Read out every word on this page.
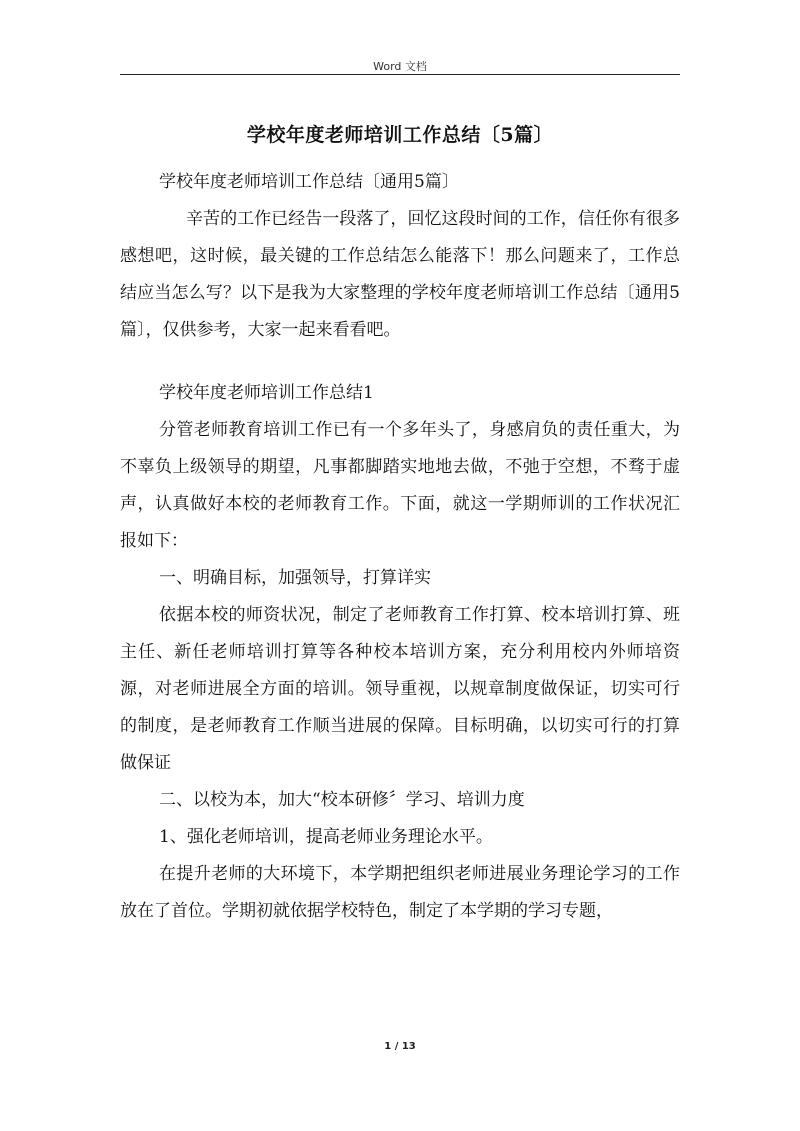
Word 文档
学校年度老师培训工作总结〔5篇〕

学校年度老师培训工作总结〔通用5篇〕

辛苦的工作已经告一段落了，回忆这段时间的工作，信任你有很多感想吧，这时候，最关键的工作总结怎么能落下！那么问题来了，工作总结应当怎么写？以下是我为大家整理的学校年度老师培训工作总结〔通用5篇〕，仅供参考，大家一起来看看吧。

学校年度老师培训工作总结1

分管老师教育培训工作已有一个多年头了，身感肩负的责任重大，为不辜负上级领导的期望，凡事都脚踏实地地去做，不弛于空想，不骛于虚声，认真做好本校的老师教育工作。下面，就这一学期师训的工作状况汇报如下：

一、明确目标，加强领导，打算详实

依据本校的师资状况，制定了老师教育工作打算、校本培训打算、班主任、新任老师培训打算等各种校本培训方案，充分利用校内外师培资源，对老师进展全方面的培训。领导重视，以规章制度做保证，切实可行的制度，是老师教育工作顺当进展的保障。目标明确，以切实可行的打算做保证

二、以校为本，加大“校本研修〞学习、培训力度

1、强化老师培训，提高老师业务理论水平。

在提升老师的大环境下，本学期把组织老师进展业务理论学习的工作放在了首位。学期初就依据学校特色，制定了本学期的学习专题，

1 / 13
